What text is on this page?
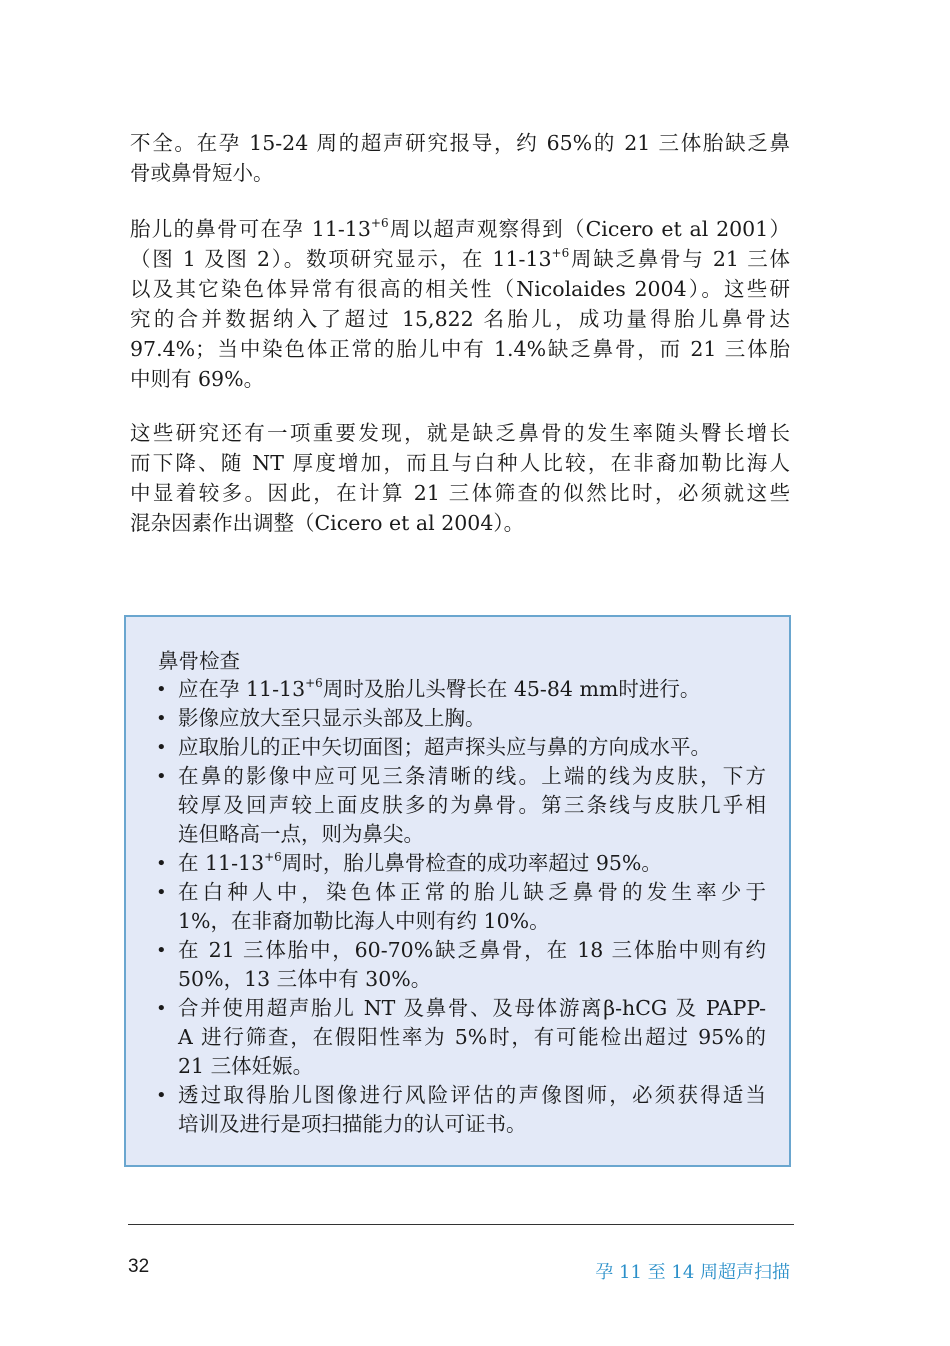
不全。在孕 15-24 周的超声研究报导，约 65%的 21 三体胎缺乏鼻
骨或鼻骨短小。
胎儿的鼻骨可在孕 $11-13^{+6}$周以超声观察得到（Cicero et al 2001）
（图 1 及图 2）。数项研究显示，在 $11-13^{+6}$周缺乏鼻骨与 21 三体
以及其它染色体异常有很高的相关性（Nicolaides 2004）。这些研
究的合并数据纳入了超过 15,822 名胎儿，成功量得胎儿鼻骨达
97.4%；当中染色体正常的胎儿中有 1.4%缺乏鼻骨，而 21 三体胎
中则有 69%。
这些研究还有一项重要发现，就是缺乏鼻骨的发生率随头臀长增长
而下降、随 NT 厚度增加，而且与白种人比较，在非裔加勒比海人
中显着较多。因此，在计算 21 三体筛查的似然比时，必须就这些
混杂因素作出调整（Cicero et al 2004）。

鼻骨检查

• 应在孕 $11-13^{+6}$周时及胎儿头臀长在 45-84 mm时进行。
• 影像应放大至只显示头部及上胸。
• 应取胎儿的正中矢切面图；超声探头应与鼻的方向成水平。
• 在鼻的影像中应可见三条清晰的线。上端的线为皮肤，下方
较厚及回声较上面皮肤多的为鼻骨。第三条线与皮肤几乎相
连但略高一点，则为鼻尖。
• 在 $11-13^{+6}$周时，胎儿鼻骨检查的成功率超过 95%。
• 在白种人中，染色体正常的胎儿缺乏鼻骨的发生率少于
1%，在非裔加勒比海人中则有约 10%。
• 在 21 三体胎中，60-70%缺乏鼻骨，在 18 三体胎中则有约
50%，13 三体中有 30%。
• 合并使用超声胎儿 NT 及鼻骨、及母体游离β-hCG 及 PAPP-
A 进行筛查，在假阳性率为 5%时，有可能检出超过 95%的
21 三体妊娠。
• 透过取得胎儿图像进行风险评估的声像图师，必须获得适当
培训及进行是项扫描能力的认可证书。
32	孕 11 至 14 周超声扫描
